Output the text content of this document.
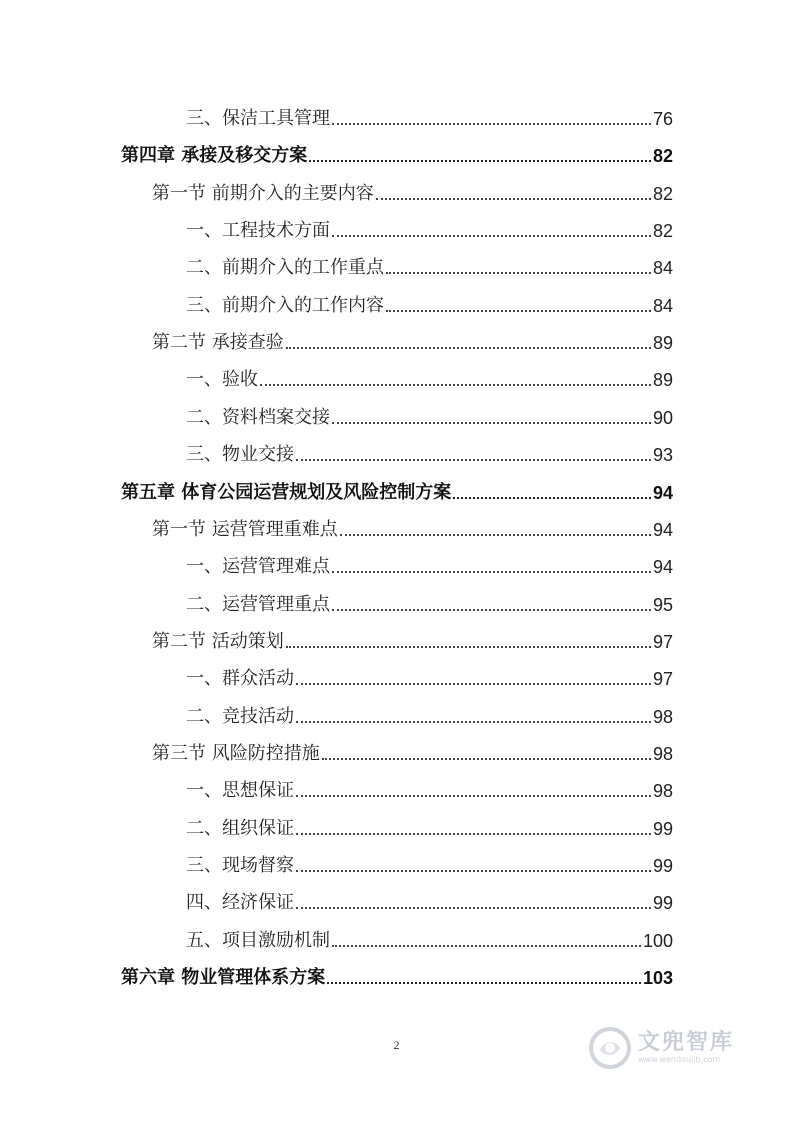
三、保洁工具管理	76
第四章 承接及移交方案	82
第一节 前期介入的主要内容	82
一、工程技术方面	82
二、前期介入的工作重点	84
三、前期介入的工作内容	84
第二节 承接查验	89
一、验收	89
二、资料档案交接	90
三、物业交接	93
第五章 体育公园运营规划及风险控制方案	94
第一节 运营管理重难点	94
一、运营管理难点	94
二、运营管理重点	95
第二节 活动策划	97
一、群众活动	97
二、竞技活动	98
第三节 风险防控措施	98
一、思想保证	98
二、组织保证	99
三、现场督察	99
四、经济保证	99
五、项目激励机制	100
第六章 物业管理体系方案	103
2	文兜智库
www.wendoulib.com
